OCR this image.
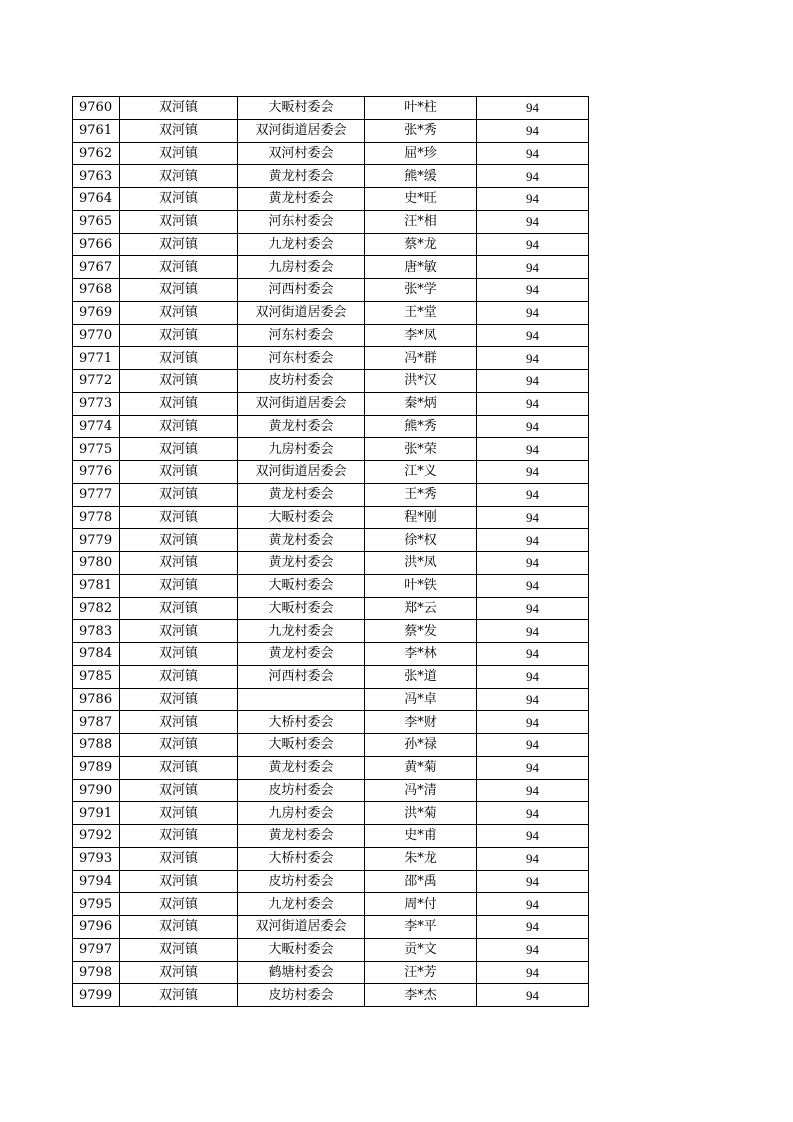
9760	双河镇	大畈村委会	叶*柱	94
9761	双河镇	双河街道居委会	张*秀	94
9762	双河镇	双河村委会	屈*珍	94
9763	双河镇	黄龙村委会	熊*缓	94
9764	双河镇	黄龙村委会	史*旺	94
9765	双河镇	河东村委会	汪*相	94
9766	双河镇	九龙村委会	蔡*龙	94
9767	双河镇	九房村委会	唐*敏	94
9768	双河镇	河西村委会	张*学	94
9769	双河镇	双河街道居委会	王*堂	94
9770	双河镇	河东村委会	李*凤	94
9771	双河镇	河东村委会	冯*群	94
9772	双河镇	皮坊村委会	洪*汉	94
9773	双河镇	双河街道居委会	秦*炳	94
9774	双河镇	黄龙村委会	熊*秀	94
9775	双河镇	九房村委会	张*荣	94
9776	双河镇	双河街道居委会	江*义	94
9777	双河镇	黄龙村委会	王*秀	94
9778	双河镇	大畈村委会	程*刚	94
9779	双河镇	黄龙村委会	徐*权	94
9780	双河镇	黄龙村委会	洪*凤	94
9781	双河镇	大畈村委会	叶*铁	94
9782	双河镇	大畈村委会	郑*云	94
9783	双河镇	九龙村委会	蔡*发	94
9784	双河镇	黄龙村委会	李*林	94
9785	双河镇	河西村委会	张*道	94
9786	双河镇		冯*卓	94
9787	双河镇	大桥村委会	李*财	94
9788	双河镇	大畈村委会	孙*禄	94
9789	双河镇	黄龙村委会	黄*菊	94
9790	双河镇	皮坊村委会	冯*清	94
9791	双河镇	九房村委会	洪*菊	94
9792	双河镇	黄龙村委会	史*甫	94
9793	双河镇	大桥村委会	朱*龙	94
9794	双河镇	皮坊村委会	邵*禹	94
9795	双河镇	九龙村委会	周*付	94
9796	双河镇	双河街道居委会	李*平	94
9797	双河镇	大畈村委会	贡*文	94
9798	双河镇	鹤塘村委会	汪*芳	94
9799	双河镇	皮坊村委会	李*杰	94
